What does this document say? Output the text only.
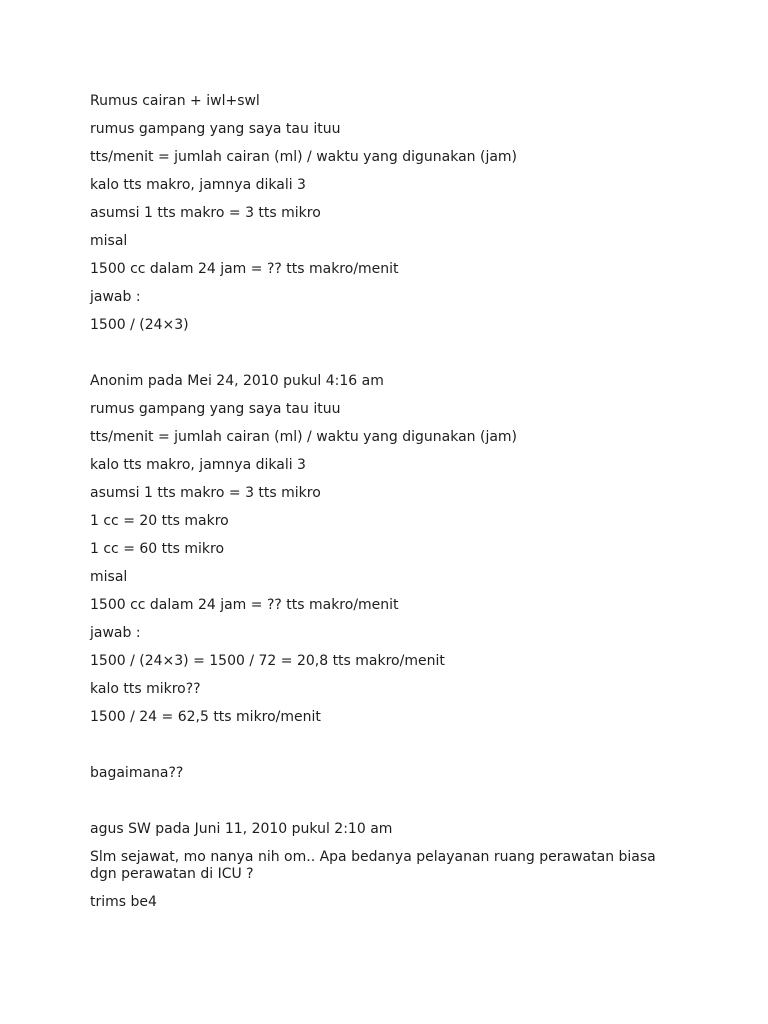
Rumus cairan + iwl+swl
rumus gampang yang saya tau ituu
tts/menit = jumlah cairan (ml) / waktu yang digunakan (jam)
kalo tts makro, jamnya dikali 3
asumsi 1 tts makro = 3 tts mikro
misal
1500 cc dalam 24 jam = ?? tts makro/menit
jawab :
1500 / (24×3)
Anonim pada Mei 24, 2010 pukul 4:16 am
rumus gampang yang saya tau ituu
tts/menit = jumlah cairan (ml) / waktu yang digunakan (jam)
kalo tts makro, jamnya dikali 3
asumsi 1 tts makro = 3 tts mikro
1 cc = 20 tts makro
1 cc = 60 tts mikro
misal
1500 cc dalam 24 jam = ?? tts makro/menit
jawab :
1500 / (24×3) = 1500 / 72 = 20,8 tts makro/menit
kalo tts mikro??
1500 / 24 = 62,5 tts mikro/menit
bagaimana??
agus SW pada Juni 11, 2010 pukul 2:10 am
Slm sejawat, mo nanya nih om.. Apa bedanya pelayanan ruang perawatan biasa dgn perawatan di ICU ?
trims be4
